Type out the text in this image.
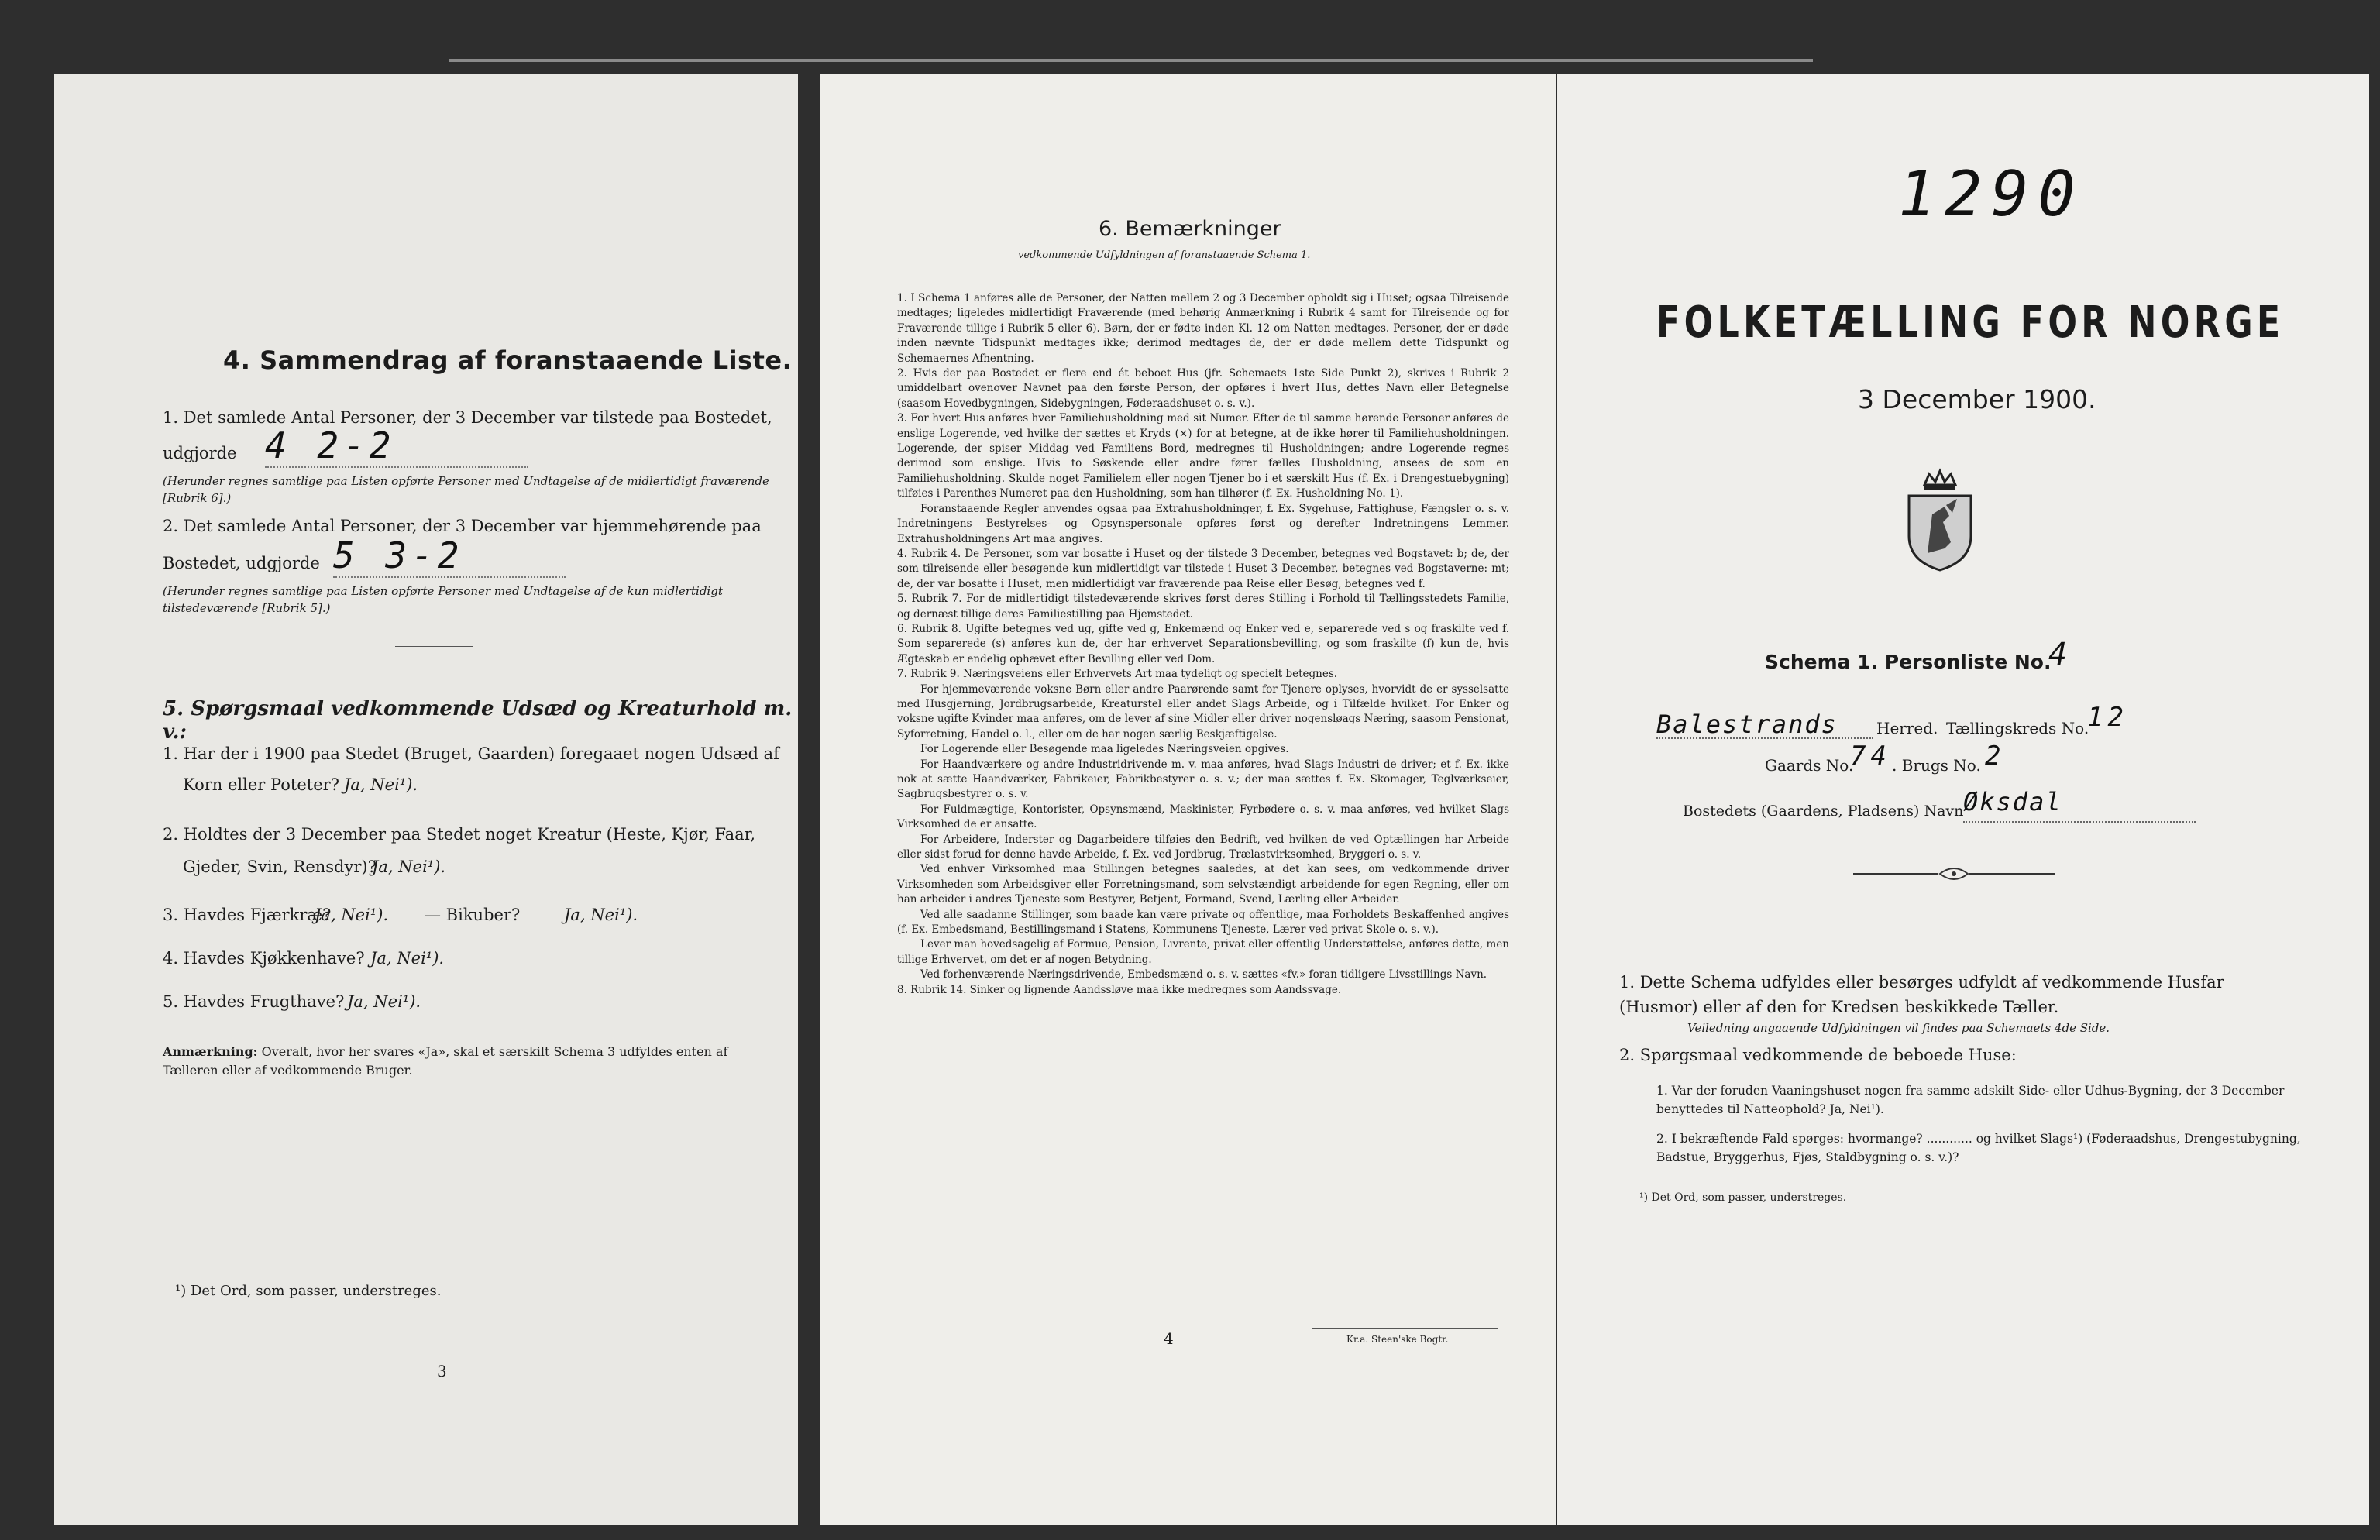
4. Sammendrag af foranstaaende Liste.
1. Det samlede Antal Personer, der 3 December var tilstede paa Bostedet,
udgjorde 4 2-2
(Herunder regnes samtlige paa Listen opførte Personer med Undtagelse af de midlertidigt fraværende [Rubrik 6].)
2. Det samlede Antal Personer, der 3 December var hjemmehørende paa
Bostedet, udgjorde 5 3-2
(Herunder regnes samtlige paa Listen opførte Personer med Undtagelse af de kun midlertidigt tilstedeværende [Rubrik 5].)
5. Spørgsmaal vedkommende Udsæd og Kreaturhold m. v.:
1. Har der i 1900 paa Stedet (Bruget, Gaarden) foregaaet nogen Udsæd af
Korn eller Poteter? Ja, Nei¹).
2. Holdtes der 3 December paa Stedet noget Kreatur (Heste, Kjør, Faar,
Gjeder, Svin, Rensdyr)?
Ja, Nei¹).
3. Havdes Fjærkræ?
Ja, Nei¹). — Bikuber?	Ja, Nei¹).
4. Havdes Kjøkkenhave? Ja, Nei¹).
5. Havdes Frugthave? Ja, Nei¹).
Anmærkning: Overalt, hvor her svares «Ja», skal et særskilt Schema 3 udfyldes enten af Tælleren eller af vedkommende Bruger.
¹) Det Ord, som passer, understreges.
3
6. Bemærkninger
vedkommende Udfyldningen af foranstaaende Schema 1.

1. I Schema 1 anføres alle de Personer, der Natten mellem 2 og 3 December opholdt sig i Huset; ogsaa Tilreisende medtages; ligeledes midlertidigt Fraværende (med behørig Anmærkning i Rubrik 4 samt for Tilreisende og for Fraværende tillige i Rubrik 5 eller 6). Børn, der er fødte inden Kl. 12 om Natten medtages. Personer, der er døde inden nævnte Tidspunkt medtages ikke; derimod medtages de, der er døde mellem dette Tidspunkt og Schemaernes Afhentning.

2. Hvis der paa Bostedet er flere end ét beboet Hus (jfr. Schemaets 1ste Side Punkt 2), skrives i Rubrik 2 umiddelbart ovenover Navnet paa den første Person, der opføres i hvert Hus, dettes Navn eller Betegnelse (saasom Hovedbygningen, Sidebygningen, Føderaadshuset o. s. v.).

3. For hvert Hus anføres hver Familiehusholdning med sit Numer. Efter de til samme hørende Personer anføres de enslige Logerende, ved hvilke der sættes et Kryds (×) for at betegne, at de ikke hører til Familiehusholdningen. Logerende, der spiser Middag ved Familiens Bord, medregnes til Husholdningen; andre Logerende regnes derimod som enslige. Hvis to Søskende eller andre fører fælles Husholdning, ansees de som en Familiehusholdning. Skulde noget Familielem eller nogen Tjener bo i et særskilt Hus (f. Ex. i Drengestuebygning) tilføies i Parenthes Numeret paa den Husholdning, som han tilhører (f. Ex. Husholdning No. 1).

Foranstaaende Regler anvendes ogsaa paa Extrahusholdninger, f. Ex. Sygehuse, Fattighuse, Fængsler o. s. v. Indretningens Bestyrelses- og Opsynspersonale opføres først og derefter Indretningens Lemmer. Extrahusholdningens Art maa angives.

4. Rubrik 4. De Personer, som var bosatte i Huset og der tilstede 3 December, betegnes ved Bogstavet: b; de, der som tilreisende eller besøgende kun midlertidigt var tilstede i Huset 3 December, betegnes ved Bogstaverne: mt; de, der var bosatte i Huset, men midlertidigt var fraværende paa Reise eller Besøg, betegnes ved f.

5. Rubrik 7. For de midlertidigt tilstedeværende skrives først deres Stilling i Forhold til Tællingsstedets Familie, og dernæst tillige deres Familiestilling paa Hjemstedet.

6. Rubrik 8. Ugifte betegnes ved ug, gifte ved g, Enkemænd og Enker ved e, separerede ved s og fraskilte ved f. Som separerede (s) anføres kun de, der har erhvervet Separationsbevilling, og som fraskilte (f) kun de, hvis Ægteskab er endelig ophævet efter Bevilling eller ved Dom.

7. Rubrik 9. Næringsveiens eller Erhvervets Art maa tydeligt og specielt betegnes.

For hjemmeværende voksne Børn eller andre Paarørende samt for Tjenere oplyses, hvorvidt de er sysselsatte med Husgjerning, Jordbrugsarbeide, Kreaturstel eller andet Slags Arbeide, og i Tilfælde hvilket. For Enker og voksne ugifte Kvinder maa anføres, om de lever af sine Midler eller driver nogensløags Næring, saasom Pensionat, Syforretning, Handel o. l., eller om de har nogen særlig Beskjæftigelse.

For Logerende eller Besøgende maa ligeledes Næringsveien opgives.

For Haandværkere og andre Industridrivende m. v. maa anføres, hvad Slags Industri de driver; et f. Ex. ikke nok at sætte Haandværker, Fabrikeier, Fabrikbestyrer o. s. v.; der maa sættes f. Ex. Skomager, Teglværkseier, Sagbrugsbestyrer o. s. v.

For Fuldmægtige, Kontorister, Opsynsmænd, Maskinister, Fyrbødere o. s. v. maa anføres, ved hvilket Slags Virksomhed de er ansatte.

For Arbeidere, Inderster og Dagarbeidere tilføies den Bedrift, ved hvilken de ved Optællingen har Arbeide eller sidst forud for denne havde Arbeide, f. Ex. ved Jordbrug, Trælastvirksomhed, Bryggeri o. s. v.

Ved enhver Virksomhed maa Stillingen betegnes saaledes, at det kan sees, om vedkommende driver Virksomheden som Arbeidsgiver eller Forretningsmand, som selvstændigt arbeidende for egen Regning, eller om han arbeider i andres Tjeneste som Bestyrer, Betjent, Formand, Svend, Lærling eller Arbeider.

Ved alle saadanne Stillinger, som baade kan være private og offentlige, maa Forholdets Beskaffenhed angives (f. Ex. Embedsmand, Bestillingsmand i Statens, Kommunens Tjeneste, Lærer ved privat Skole o. s. v.).

Lever man hovedsagelig af Formue, Pension, Livrente, privat eller offentlig Understøttelse, anføres dette, men tillige Erhvervet, om det er af nogen Betydning.

Ved forhenværende Næringsdrivende, Embedsmænd o. s. v. sættes «fv.» foran tidligere Livsstillings Navn.

8. Rubrik 14. Sinker og lignende Aandssløve maa ikke medregnes som Aandssvage.

4	Kr.a. Steen'ske Bogtr.
1290
FOLKETÆLLING FOR NORGE
3 December 1900.
Schema 1. Personliste No.
4
Balestrands	Herred. Tællingskreds No.
12
Gaards No.
74 . Brugs No. 2
Bostedets (Gaardens, Pladsens) Navn Øksdal
1. Dette Schema udfyldes eller besørges udfyldt af vedkommende Husfar (Husmor) eller af den for Kredsen beskikkede Tæller.
Veiledning angaaende Udfyldningen vil findes paa Schemaets 4de Side.
2. Spørgsmaal vedkommende de beboede Huse:
1. Var der foruden Vaaningshuset nogen fra samme adskilt Side- eller Udhus-Bygning, der 3 December benyttedes til Natteophold? Ja, Nei¹).
2. I bekræftende Fald spørges: hvormange? ............ og hvilket Slags¹) (Føderaadshus, Drengestubygning, Badstue, Bryggerhus, Fjøs, Staldbygning o. s. v.)?
¹) Det Ord, som passer, understreges.
